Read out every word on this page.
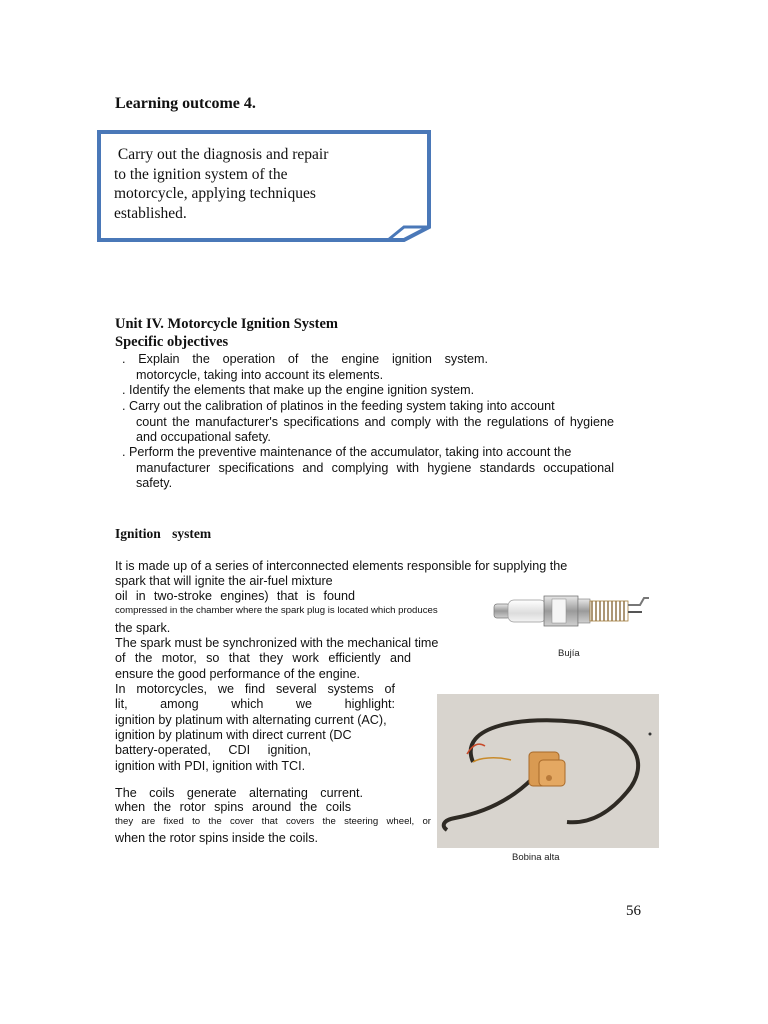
Learning outcome 4.
Carry out the diagnosis and repair
to the ignition system of the
motorcycle, applying techniques
established.
Unit IV. Motorcycle Ignition System
Specific objectives
. Explain the operation of the engine ignition system.
motorcycle, taking into account its elements.
. Identify the elements that make up the engine ignition system.
. Carry out the calibration of platinos in the feeding system taking into account
count the manufacturer's specifications and comply with the regulations of hygiene and occupational safety.
. Perform the preventive maintenance of the accumulator, taking into account the
manufacturer specifications and complying with hygiene standards occupational safety.
Ignition system
It is made up of a series of interconnected elements responsible for supplying the
spark that will ignite the air-fuel mixture
oil in two-stroke engines) that is found
compressed in the chamber where the spark plug is located which produces
the spark.
The spark must be synchronized with the mechanical time
of the motor, so that they work efficiently and
ensure the good performance of the engine.
In motorcycles, we find several systems of
lit, among which we highlight:
ignition by platinum with alternating current (AC),
ignition by platinum with direct current (DC
battery-operated, CDI ignition,
ignition with PDI, ignition with TCI.
The coils generate alternating current.
when the rotor spins around the coils
they are fixed to the cover that covers the steering wheel, or
when the rotor spins inside the coils.
Bujía
Bobina alta
56
